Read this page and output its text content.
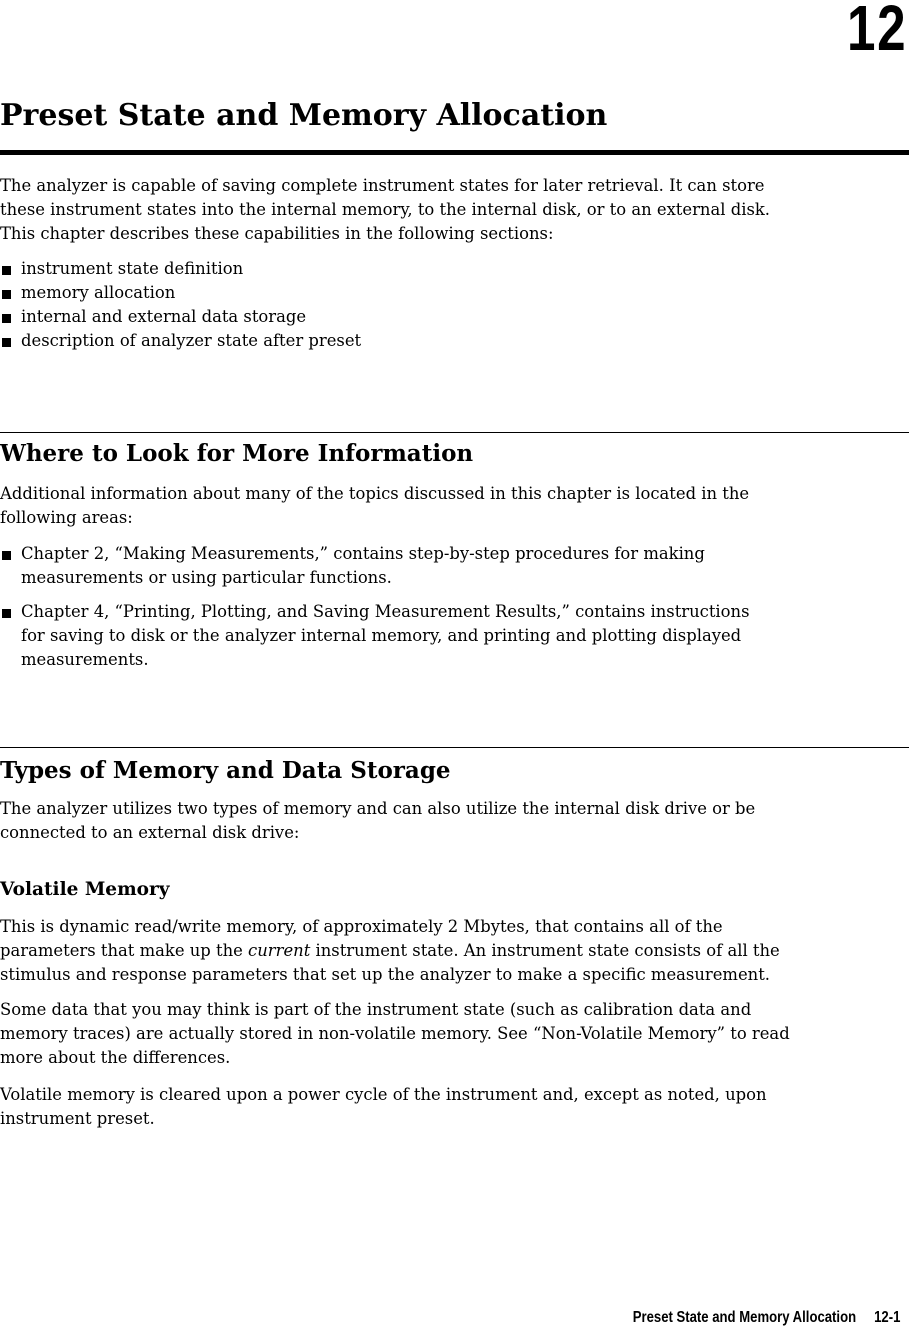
12
Preset State and Memory Allocation
The analyzer is capable of saving complete instrument states for later retrieval. It can store
these instrument states into the internal memory, to the internal disk, or to an external disk.
This chapter describes these capabilities in the following sections:
instrument state definition
memory allocation
internal and external data storage
description of analyzer state after preset
Where to Look for More Information
Additional information about many of the topics discussed in this chapter is located in the
following areas:
Chapter 2, “Making Measurements,” contains step-by-step procedures for making
measurements or using particular functions.
Chapter 4, “Printing, Plotting, and Saving Measurement Results,” contains instructions
for saving to disk or the analyzer internal memory, and printing and plotting displayed
measurements.
Types of Memory and Data Storage
The analyzer utilizes two types of memory and can also utilize the internal disk drive or be
connected to an external disk drive:
Volatile Memory
This is dynamic read/write memory, of approximately 2 Mbytes, that contains all of the
parameters that make up the current instrument state. An instrument state consists of all the
stimulus and response parameters that set up the analyzer to make a specific measurement.
Some data that you may think is part of the instrument state (such as calibration data and
memory traces) are actually stored in non-volatile memory. See “Non-Volatile Memory” to read
more about the differences.
Volatile memory is cleared upon a power cycle of the instrument and, except as noted, upon
instrument preset.
Preset State and Memory Allocation 12-1
